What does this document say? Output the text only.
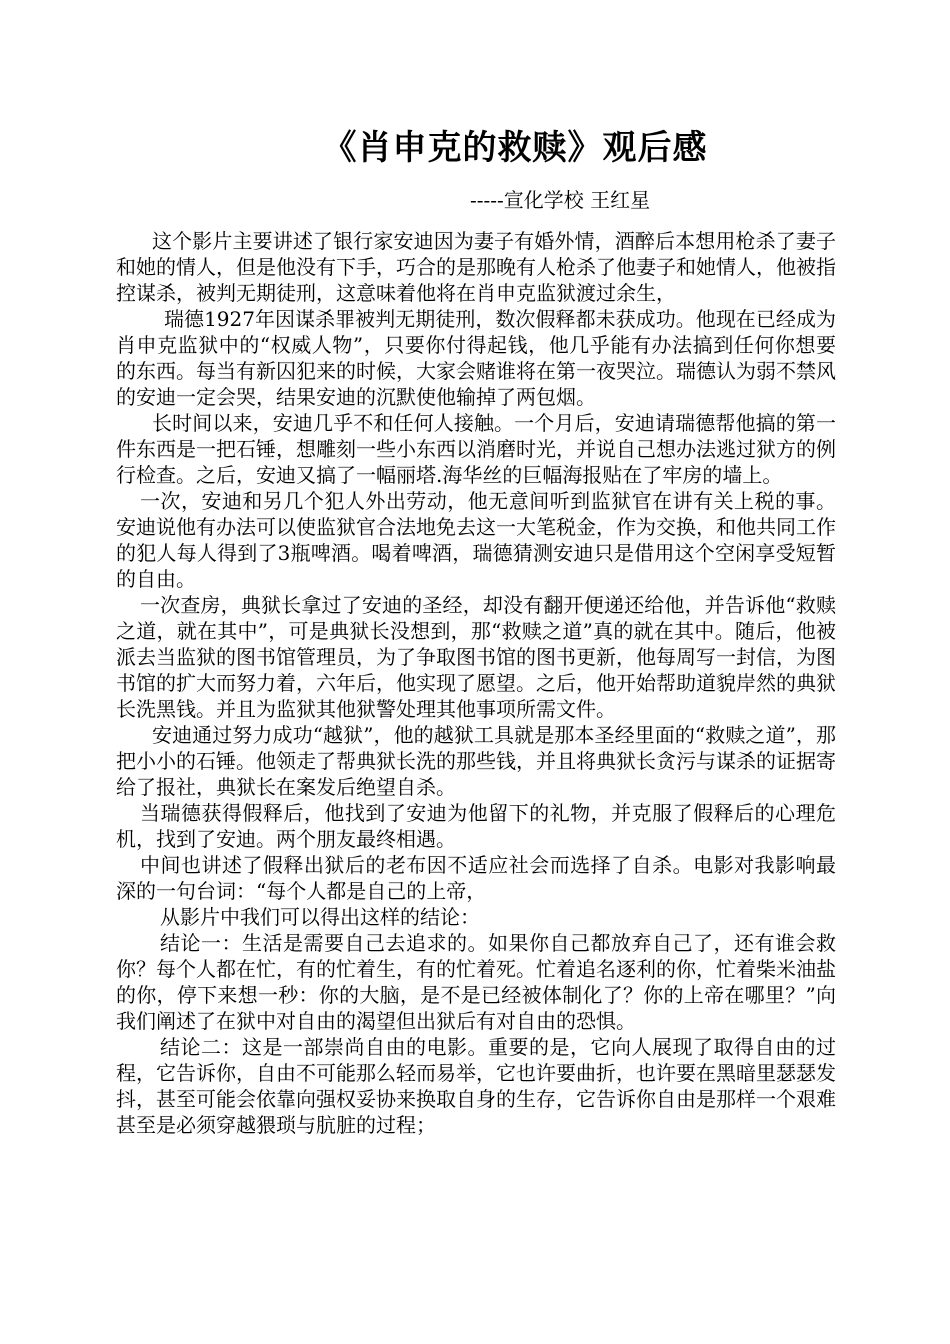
《肖申克的救赎》观后感
-----宣化学校 王红星

这个影片主要讲述了银行家安迪因为妻子有婚外情，酒醉后本想用枪杀了妻子和她的情人，但是他没有下手，巧合的是那晚有人枪杀了他妻子和她情人，他被指控谋杀，被判无期徒刑，这意味着他将在肖申克监狱渡过余生，

瑞德1927年因谋杀罪被判无期徒刑，数次假释都未获成功。他现在已经成为肖申克监狱中的“权威人物”，只要你付得起钱，他几乎能有办法搞到任何你想要的东西。每当有新囚犯来的时候，大家会赌谁将在第一夜哭泣。瑞德认为弱不禁风的安迪一定会哭，结果安迪的沉默使他输掉了两包烟。

长时间以来，安迪几乎不和任何人接触。一个月后，安迪请瑞德帮他搞的第一件东西是一把石锤，想雕刻一些小东西以消磨时光，并说自己想办法逃过狱方的例行检查。之后，安迪又搞了一幅丽塔.海华丝的巨幅海报贴在了牢房的墙上。

一次，安迪和另几个犯人外出劳动，他无意间听到监狱官在讲有关上税的事。安迪说他有办法可以使监狱官合法地免去这一大笔税金，作为交换，和他共同工作的犯人每人得到了3瓶啤酒。喝着啤酒，瑞德猜测安迪只是借用这个空闲享受短暂的自由。

一次查房，典狱长拿过了安迪的圣经，却没有翻开便递还给他，并告诉他“救赎之道，就在其中”，可是典狱长没想到，那“救赎之道”真的就在其中。随后，他被派去当监狱的图书馆管理员，为了争取图书馆的图书更新，他每周写一封信，为图书馆的扩大而努力着，六年后，他实现了愿望。之后，他开始帮助道貌岸然的典狱长洗黑钱。并且为监狱其他狱警处理其他事项所需文件。

安迪通过努力成功“越狱”，他的越狱工具就是那本圣经里面的“救赎之道”，那把小小的石锤。他领走了帮典狱长洗的那些钱，并且将典狱长贪污与谋杀的证据寄给了报社，典狱长在案发后绝望自杀。

当瑞德获得假释后，他找到了安迪为他留下的礼物，并克服了假释后的心理危机，找到了安迪。两个朋友最终相遇。

中间也讲述了假释出狱后的老布因不适应社会而选择了自杀。电影对我影响最深的一句台词：“每个人都是自己的上帝，

从影片中我们可以得出这样的结论：

结论一：生活是需要自己去追求的。如果你自己都放弃自己了，还有谁会救你？每个人都在忙，有的忙着生，有的忙着死。忙着追名逐利的你，忙着柴米油盐的你，停下来想一秒：你的大脑，是不是已经被体制化了？你的上帝在哪里？”向我们阐述了在狱中对自由的渴望但出狱后有对自由的恐惧。

结论二：这是一部崇尚自由的电影。重要的是，它向人展现了取得自由的过程，它告诉你，自由不可能那么轻而易举，它也许要曲折，也许要在黑暗里瑟瑟发抖，甚至可能会依靠向强权妥协来换取自身的生存，它告诉你自由是那样一个艰难甚至是必须穿越猥琐与肮脏的过程；
